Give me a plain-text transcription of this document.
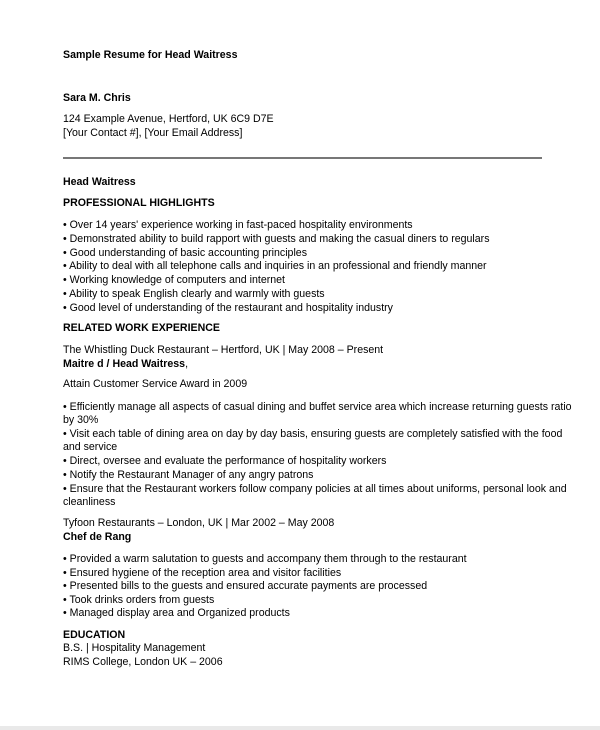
Sample Resume for Head Waitress
Sara M. Chris
124 Example Avenue, Hertford, UK 6C9 D7E
[Your Contact #], [Your Email Address]
Head Waitress
PROFESSIONAL HIGHLIGHTS
• Over 14 years' experience working in fast-paced hospitality environments
• Demonstrated ability to build rapport with guests and making the casual diners to regulars
• Good understanding of basic accounting principles
• Ability to deal with all telephone calls and inquiries in an professional and friendly manner
• Working knowledge of computers and internet
• Ability to speak English clearly and warmly with guests
• Good level of understanding of the restaurant and hospitality industry
RELATED WORK EXPERIENCE
The Whistling Duck Restaurant – Hertford, UK | May 2008 – Present
Maitre d / Head Waitress,
Attain Customer Service Award in 2009
• Efficiently manage all aspects of casual dining and buffet service area which increase returning guests ratio
by 30%
• Visit each table of dining area on day by day basis, ensuring guests are completely satisfied with the food
and service
• Direct, oversee and evaluate the performance of hospitality workers
• Notify the Restaurant Manager of any angry patrons
• Ensure that the Restaurant workers follow company policies at all times about uniforms, personal look and
cleanliness
Tyfoon Restaurants – London, UK | Mar 2002 – May 2008
Chef de Rang
• Provided a warm salutation to guests and accompany them through to the restaurant
• Ensured hygiene of the reception area and visitor facilities
• Presented bills to the guests and ensured accurate payments are processed
• Took drinks orders from guests
• Managed display area and Organized products
EDUCATION
B.S. | Hospitality Management
RIMS College, London UK – 2006
